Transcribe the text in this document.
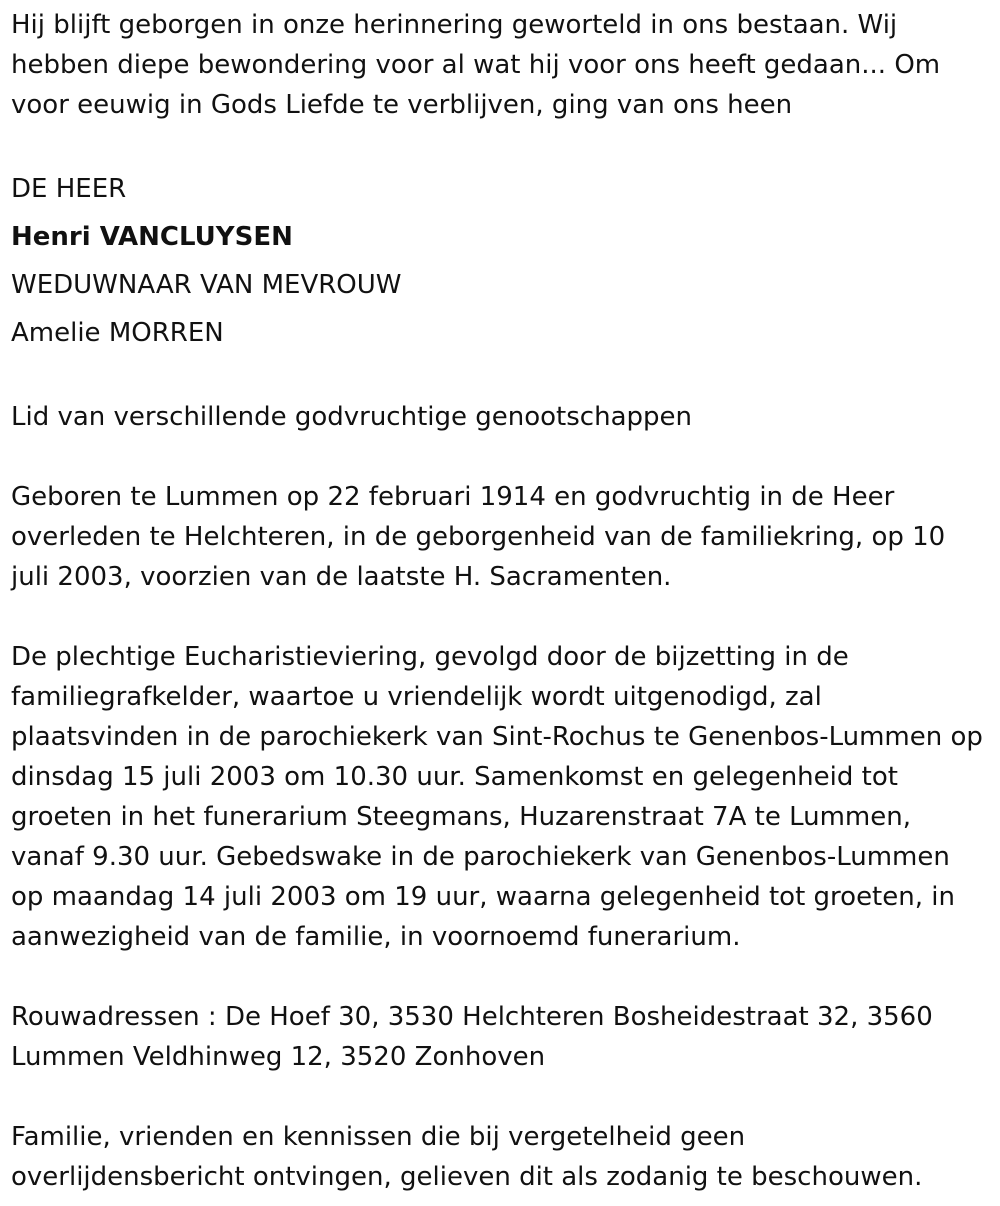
Hij blijft geborgen in onze herinnering geworteld in ons bestaan. Wij hebben diepe bewondering voor al wat hij voor ons heeft gedaan... Om voor eeuwig in Gods Liefde te verblijven, ging van ons heen

DE HEER

Henri VANCLUYSEN

WEDUWNAAR VAN MEVROUW

Amelie MORREN

Lid van verschillende godvruchtige genootschappen

Geboren te Lummen op 22 februari 1914 en godvruchtig in de Heer overleden te Helchteren, in de geborgenheid van de familiekring, op 10 juli 2003, voorzien van de laatste H. Sacramenten.

De plechtige Eucharistieviering, gevolgd door de bijzetting in de familiegrafkelder, waartoe u vriendelijk wordt uitgenodigd, zal plaatsvinden in de parochiekerk van Sint-Rochus te Genenbos-Lummen op dinsdag 15 juli 2003 om 10.30 uur. Samenkomst en gelegenheid tot groeten in het funerarium Steegmans, Huzarenstraat 7A te Lummen, vanaf 9.30 uur. Gebedswake in de parochiekerk van Genenbos-Lummen op maandag 14 juli 2003 om 19 uur, waarna gelegenheid tot groeten, in aanwezigheid van de familie, in voornoemd funerarium.

Rouwadressen : De Hoef 30, 3530 Helchteren Bosheidestraat 32, 3560 Lummen Veldhinweg 12, 3520 Zonhoven

Familie, vrienden en kennissen die bij vergetelheid geen overlijdensbericht ontvingen, gelieven dit als zodanig te beschouwen.
